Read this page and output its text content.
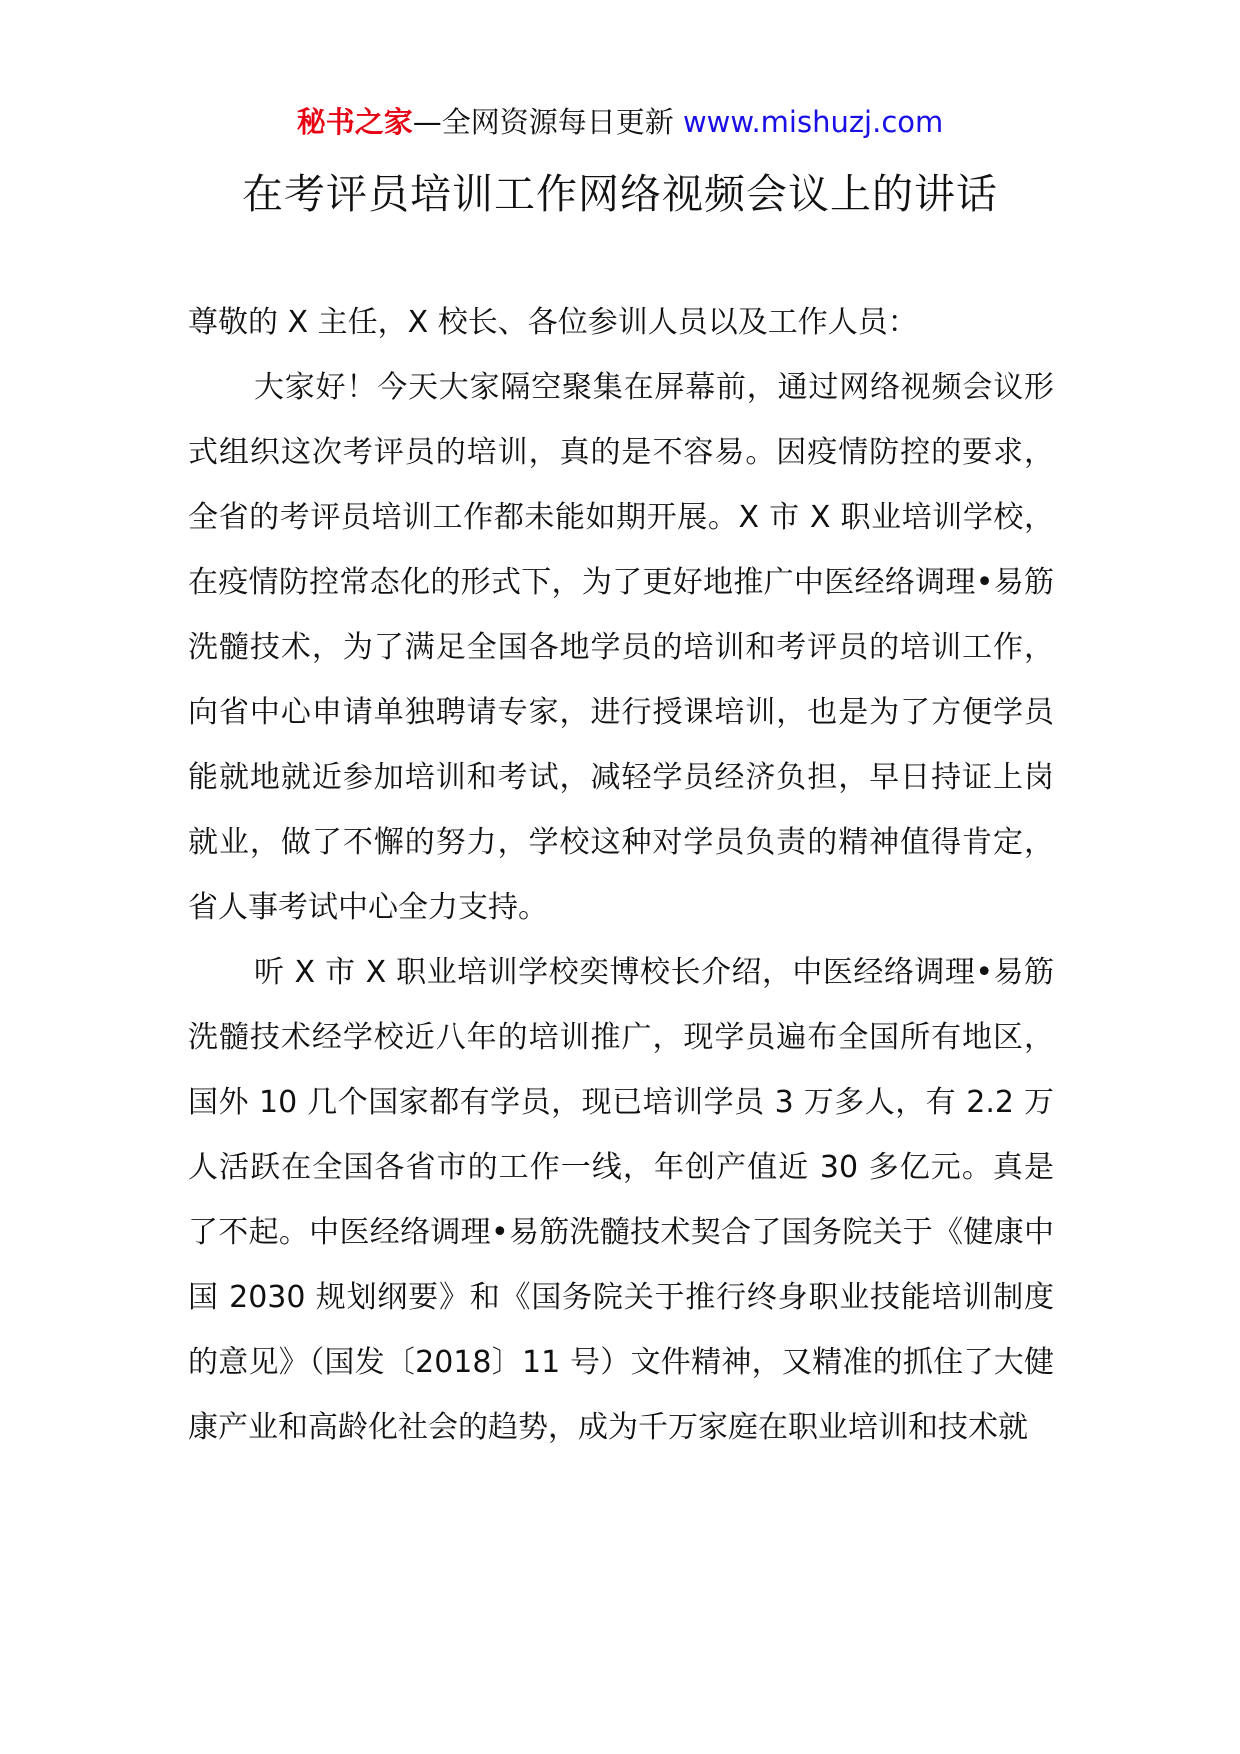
秘书之家—全网资源每日更新 www.mishuzj.com
在考评员培训工作网络视频会议上的讲话

尊敬的 X 主任，X 校长、各位参训人员以及工作人员：

大家好！今天大家隔空聚集在屏幕前，通过网络视频会议形式组织这次考评员的培训，真的是不容易。因疫情防控的要求，全省的考评员培训工作都未能如期开展。X 市 X 职业培训学校，在疫情防控常态化的形式下，为了更好地推广中医经络调理•易筋洗髓技术，为了满足全国各地学员的培训和考评员的培训工作，向省中心申请单独聘请专家，进行授课培训，也是为了方便学员能就地就近参加培训和考试，减轻学员经济负担，早日持证上岗就业，做了不懈的努力，学校这种对学员负责的精神值得肯定，省人事考试中心全力支持。

听 X 市 X 职业培训学校奕博校长介绍，中医经络调理•易筋洗髓技术经学校近八年的培训推广，现学员遍布全国所有地区，国外 10 几个国家都有学员，现已培训学员 3 万多人，有 2.2 万人活跃在全国各省市的工作一线，年创产值近 30 多亿元。真是了不起。中医经络调理•易筋洗髓技术契合了国务院关于《健康中国 2030 规划纲要》和《国务院关于推行终身职业技能培训制度的意见》（国发〔2018〕11 号）文件精神，又精准的抓住了大健康产业和高龄化社会的趋势，成为千万家庭在职业培训和技术就
